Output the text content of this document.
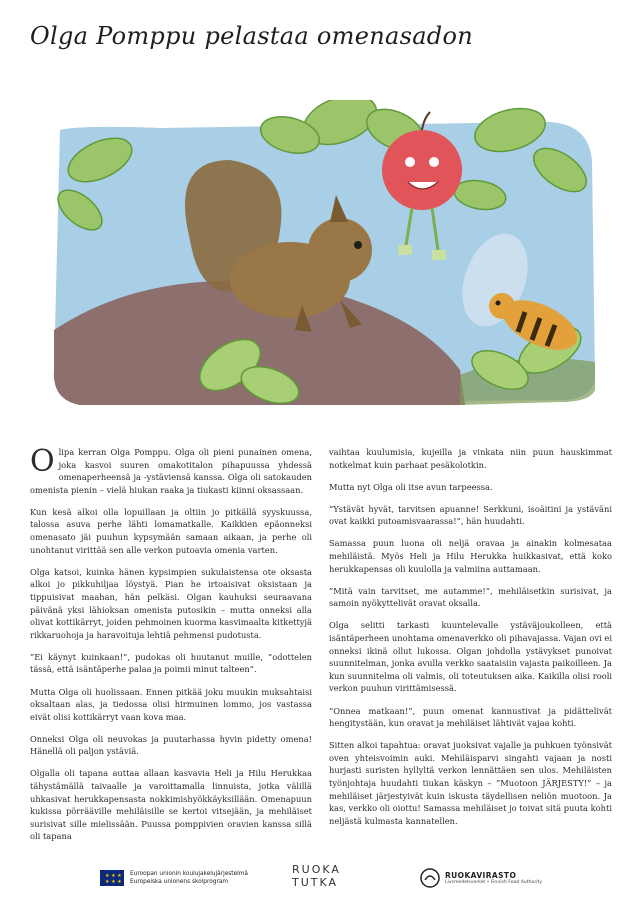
Olga Pomppu pelastaa omenasadon

Olipa kerran Olga Pomppu. Olga oli pieni punainen omena, joka kasvoi suuren omakotitalon pihapuussa yhdessä omenaperheensä ja -ystäviensä kanssa. Olga oli satokauden omenista pienin – vielä hiukan raaka ja tiukasti kiinni oksassaan.

Kun kesä alkoi olla lopuillaan ja oltiin jo pitkällä syyskuussa, talossa asuva perhe lähti lomamatkalle. Kaikkien epäonneksi omenasato jäi puuhun kypsymään samaan aikaan, ja perhe oli unohtanut virittää sen alle verkon putoavia omenia varten.

Olga katsoi, kuinka hänen kypsimpien sukulaistensa ote oksasta alkoi jo pikkuhiljaa löystyä. Pian he irtoaisivat oksistaan ja tippuisivat maahan, hän pelkäsi. Olgan kauhuksi seuraavana päivänä yksi lähioksan omenista putosikin – mutta onneksi alla olivat kottikärryt, joiden pehmoinen kuorma kasvimaalta kitkettyjä rikkaruohoja ja haravoituja lehtiä pehmensi pudotusta.

”Ei käynyt kuinkaan!”, pudokas oli huutanut muille, ”odottelen tässä, että isäntäperhe palaa ja poimii minut talteen”.

Mutta Olga oli huolissaan. Ennen pitkää joku muukin muksahtaisi oksaltaan alas, ja tiedossa olisi hirmuinen lommo, jos vastassa eivät olisi kottikärryt vaan kova maa.

Onneksi Olga oli neuvokas ja puutarhassa hyvin pidetty omena! Hänellä oli paljon ystäviä.

Olgalla oli tapana auttaa allaan kasvavia Heli ja Hilu Herukkaa tähystämällä taivaalle ja varoittamalla linnuista, jotka välillä uhkasivat herukkapensasta nokkimishyökkäyksillään. Omenapuun kukissa pörrääville mehiläisille se kertoi vitsejään, ja mehiläiset surisivat sille mielissään. Puussa pomppivien oravien kanssa sillä oli tapana

vaihtaa kuulumisia, kujeilla ja vinkata niin puun hauskimmat notkelmat kuin parhaat pesäkolotkin.

Mutta nyt Olga oli itse avun tarpeessa.

”Ystävät hyvät, tarvitsen apuanne! Serkkuni, isoäitini ja ystäväni ovat kaikki putoamisvaarassa!”, hän huudahti.

Samassa puun luona oli neljä oravaa ja ainakin kolmesataa mehiläistä. Myös Heli ja Hilu Herukka huikkasivat, että koko herukkapensas oli kuulolla ja valmiina auttamaan.

”Mitä vain tarvitset, me autamme!”, mehiläisetkin surisivat, ja samoin nyökyttelivät oravat oksalla.

Olga selitti tarkasti kuuntelevalle ystäväjoukolleen, että isäntäperheen unohtama omenaverkko oli pihavajassa. Vajan ovi ei onneksi ikinä ollut lukossa. Olgan johdolla ystävykset punoivat suunnitelman, jonka avulla verkko saataisiin vajasta paikoilleen. Ja kun suunnitelma oli valmis, oli toteutuksen aika. Kaikilla olisi rooli verkon puuhun virittämisessä.

”Onnea matkaan!”, puun omenat kannustivat ja pidättelivät hengitystään, kun oravat ja mehiläiset lähtivät vajaa kohti.

Sitten alkoi tapahtua: oravat juoksivat vajalle ja puhkuen työnsivät oven yhteisvoimin auki. Mehiläisparvi singahti vajaan ja nosti hurjasti suristen hyllyltä verkon lennättäen sen ulos. Mehiläisten työnjohtaja huudahti tiukan käskyn – ”Muotoon JÄRJESTY!” – ja mehiläiset järjestyivät kuin iskusta täydellisen neliön muotoon. Ja kas, verkko oli oiottu! Samassa mehiläiset jo toivat sitä puuta kohti neljästä kulmasta kannatellen.

★ ★ ★
★ ★ ★
Euroopan unionin koulujakelujärjestelmä
Europeiska unionens skolprogram
RUOKA
TUTKA
RUOKAVIRASTO
Livsmedelsverket • Finnish Food Authority
